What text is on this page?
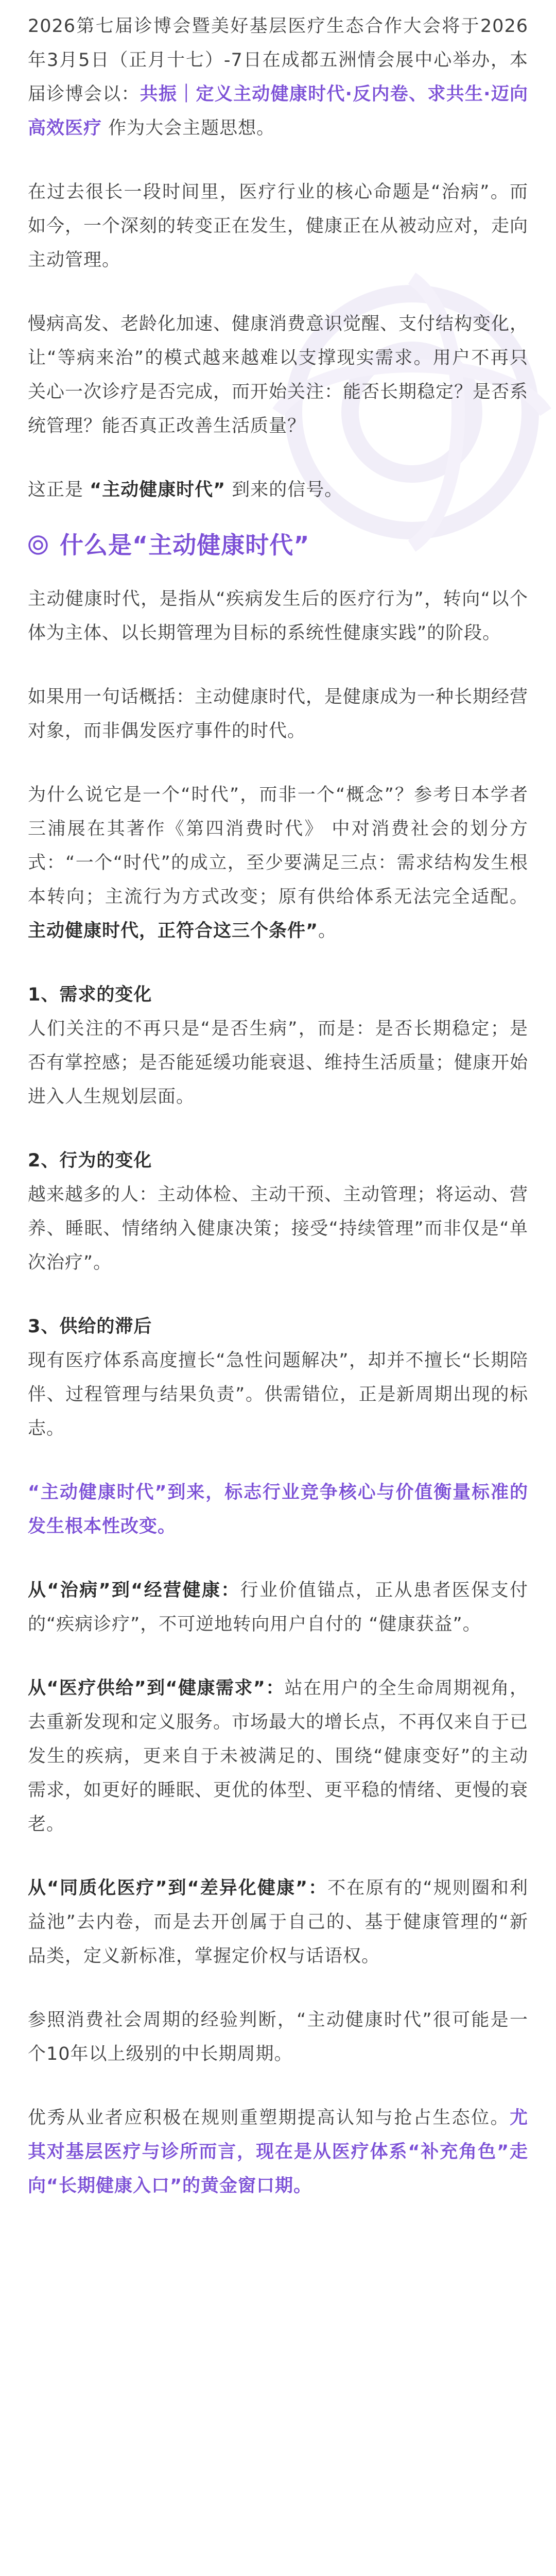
2026第七届诊博会暨美好基层医疗生态合作大会将于2026年3月5日（正月十七）-7日在成都五洲情会展中心举办，本届诊博会以：共振｜定义主动健康时代·反内卷、求共生·迈向高效医疗 作为大会主题思想。

在过去很长一段时间里，医疗行业的核心命题是“治病”。而如今，一个深刻的转变正在发生，健康正在从被动应对，走向主动管理。

慢病高发、老龄化加速、健康消费意识觉醒、支付结构变化，让“等病来治”的模式越来越难以支撑现实需求。用户不再只关心一次诊疗是否完成，而开始关注：能否长期稳定？是否系统管理？能否真正改善生活质量？

这正是 “主动健康时代” 到来的信号。

什么是“主动健康时代”

主动健康时代，是指从“疾病发生后的医疗行为”，转向“以个体为主体、以长期管理为目标的系统性健康实践”的阶段。

如果用一句话概括：主动健康时代，是健康成为一种长期经营对象，而非偶发医疗事件的时代。

为什么说它是一个“时代”，而非一个“概念”？参考日本学者三浦展在其著作《第四消费时代》 中对消费社会的划分方式：“一个“时代”的成立，至少要满足三点：需求结构发生根本转向；主流行为方式改变；原有供给体系无法完全适配。主动健康时代，正符合这三个条件”。

1、需求的变化

人们关注的不再只是“是否生病”，而是：是否长期稳定；是否有掌控感；是否能延缓功能衰退、维持生活质量；健康开始进入人生规划层面。

2、行为的变化

越来越多的人：主动体检、主动干预、主动管理；将运动、营养、睡眠、情绪纳入健康决策；接受“持续管理”而非仅是“单次治疗”。

3、供给的滞后

现有医疗体系高度擅长“急性问题解决”，却并不擅长“长期陪伴、过程管理与结果负责”。供需错位，正是新周期出现的标志。

“主动健康时代”到来，标志行业竞争核心与价值衡量标准的发生根本性改变。

从“治病”到“经营健康：行业价值锚点，正从患者医保支付的“疾病诊疗”，不可逆地转向用户自付的 “健康获益”。

从“医疗供给”到“健康需求”：站在用户的全生命周期视角，去重新发现和定义服务。市场最大的增长点，不再仅来自于已发生的疾病，更来自于未被满足的、围绕“健康变好”的主动需求，如更好的睡眠、更优的体型、更平稳的情绪、更慢的衰老。

从“同质化医疗”到“差异化健康”：不在原有的“规则圈和利益池”去内卷，而是去开创属于自己的、基于健康管理的“新品类，定义新标准，掌握定价权与话语权。

参照消费社会周期的经验判断，“主动健康时代”很可能是一个10年以上级别的中长期周期。

优秀从业者应积极在规则重塑期提高认知与抢占生态位。尤其对基层医疗与诊所而言，现在是从医疗体系“补充角色”走向“长期健康入口”的黄金窗口期。
